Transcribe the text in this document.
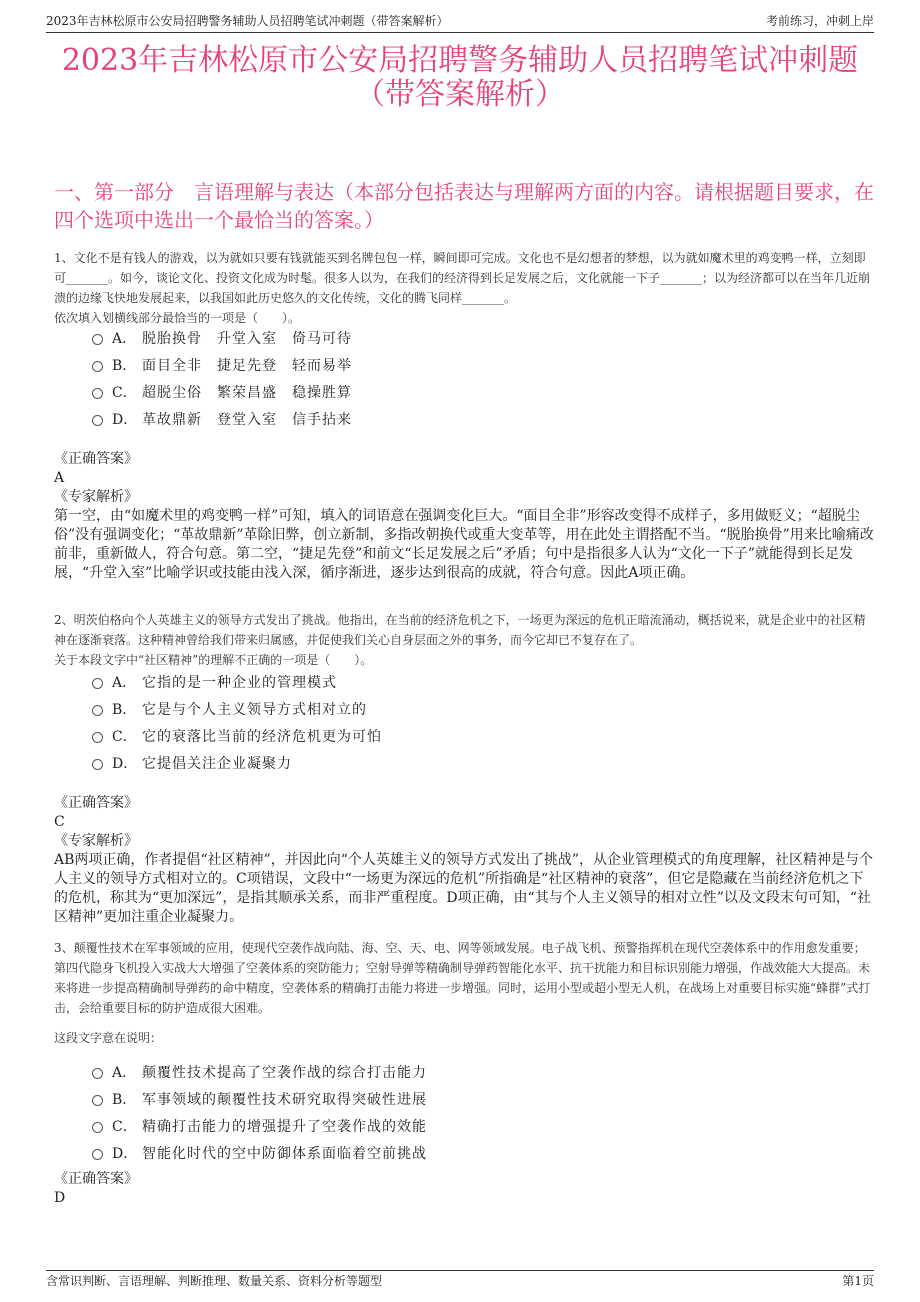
2023年吉林松原市公安局招聘警务辅助人员招聘笔试冲刺题（带答案解析）	考前练习，冲刺上岸
2023年吉林松原市公安局招聘警务辅助人员招聘笔试冲刺题
（带答案解析）
一、第一部分　言语理解与表达（本部分包括表达与理解两方面的内容。请根据题目要求，在四个选项中选出一个最恰当的答案。）
1、文化不是有钱人的游戏，以为就如只要有钱就能买到名牌包包一样，瞬间即可完成。文化也不是幻想者的梦想，以为就如魔术里的鸡变鸭一样，立刻即可_______。如今，谈论文化、投资文化成为时髦。很多人以为，在我们的经济得到长足发展之后，文化就能一下子_______；以为经济都可以在当年几近崩溃的边缘飞快地发展起来，以我国如此历史悠久的文化传统，文化的腾飞同样_______。
依次填入划横线部分最恰当的一项是（　　）。
A． 脱胎换骨　升堂入室　倚马可待
B． 面目全非　捷足先登　轻而易举
C． 超脱尘俗　繁荣昌盛　稳操胜算
D． 革故鼎新　登堂入室　信手拈来
《正确答案》
A
《专家解析》
第一空，由“如魔术里的鸡变鸭一样”可知，填入的词语意在强调变化巨大。“面目全非”形容改变得不成样子，多用做贬义；“超脱尘俗”没有强调变化；“革故鼎新”革除旧弊，创立新制，多指改朝换代或重大变革等，用在此处主谓搭配不当。“脱胎换骨”用来比喻痛改前非，重新做人，符合句意。第二空，“捷足先登”和前文“长足发展之后”矛盾；句中是指很多人认为“文化一下子”就能得到长足发展，“升堂入室”比喻学识或技能由浅入深，循序渐进，逐步达到很高的成就，符合句意。因此A项正确。
2、明茨伯格向个人英雄主义的领导方式发出了挑战。他指出，在当前的经济危机之下，一场更为深远的危机正暗流涌动，概括说来，就是企业中的社区精神在逐渐衰落。这种精神曾给我们带来归属感，并促使我们关心自身层面之外的事务，而今它却已不复存在了。
关于本段文字中“社区精神”的理解不正确的一项是（　　）。
A． 它指的是一种企业的管理模式
B． 它是与个人主义领导方式相对立的
C． 它的衰落比当前的经济危机更为可怕
D． 它提倡关注企业凝聚力
《正确答案》
C
《专家解析》
AB两项正确，作者提倡“社区精神”，并因此向“个人英雄主义的领导方式发出了挑战”，从企业管理模式的角度理解，社区精神是与个人主义的领导方式相对立的。C项错误，文段中“一场更为深远的危机”所指确是“社区精神的衰落”，但它是隐藏在当前经济危机之下的危机，称其为“更加深远”，是指其顺承关系，而非严重程度。D项正确，由“其与个人主义领导的相对立性”以及文段末句可知，“社区精神”更加注重企业凝聚力。
3、颠覆性技术在军事领域的应用，使现代空袭作战向陆、海、空、天、电、网等领域发展。电子战飞机、预警指挥机在现代空袭体系中的作用愈发重要；第四代隐身飞机投入实战大大增强了空袭体系的突防能力；空射导弹等精确制导弹药智能化水平、抗干扰能力和目标识别能力增强，作战效能大大提高。未来将进一步提高精确制导弹药的命中精度，空袭体系的精确打击能力将进一步增强。同时，运用小型或超小型无人机，在战场上对重要目标实施“蜂群”式打击，会给重要目标的防护造成很大困难。
这段文字意在说明：
A． 颠覆性技术提高了空袭作战的综合打击能力
B． 军事领域的颠覆性技术研究取得突破性进展
C． 精确打击能力的增强提升了空袭作战的效能
D． 智能化时代的空中防御体系面临着空前挑战
《正确答案》
D
含常识判断、言语理解、判断推理、数量关系、资料分析等题型	第1页
